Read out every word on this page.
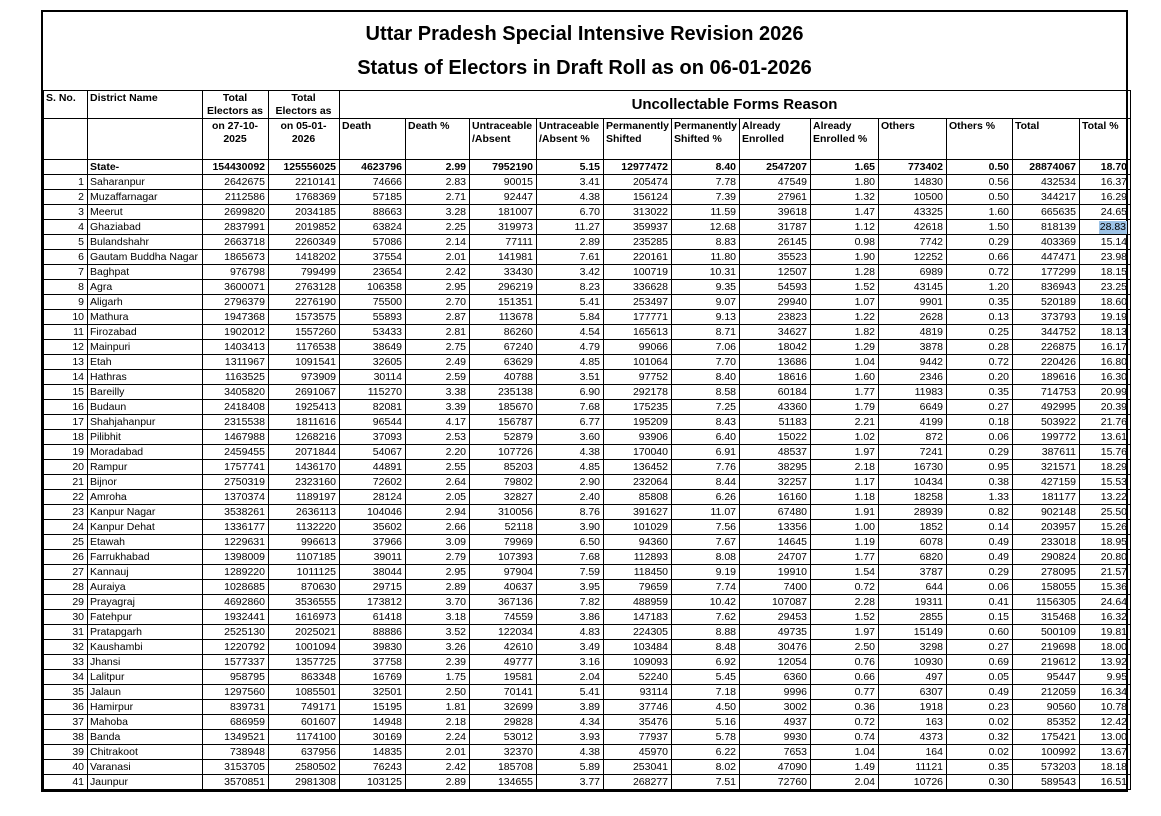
Uttar Pradesh Special Intensive Revision 2026
Status of Electors in Draft Roll as on 06-01-2026
S. No.	District Name	Total Electors as	Total Electors as	Uncollectable Forms Reason											
		on 27-10-2025	on 05-01-2026	Death	Death %	Untraceable /Absent	Untraceable /Absent %	Permanently Shifted	Permanently Shifted %	Already Enrolled	Already Enrolled %	Others	Others %	Total	Total %
	State-	154430092	125556025	4623796	2.99	7952190	5.15	12977472	8.40	2547207	1.65	773402	0.50	28874067	18.70
1	Saharanpur	2642675	2210141	74666	2.83	90015	3.41	205474	7.78	47549	1.80	14830	0.56	432534	16.37
2	Muzaffarnagar	2112586	1768369	57185	2.71	92447	4.38	156124	7.39	27961	1.32	10500	0.50	344217	16.29
3	Meerut	2699820	2034185	88663	3.28	181007	6.70	313022	11.59	39618	1.47	43325	1.60	665635	24.65
4	Ghaziabad	2837991	2019852	63824	2.25	319973	11.27	359937	12.68	31787	1.12	42618	1.50	818139	28.83
5	Bulandshahr	2663718	2260349	57086	2.14	77111	2.89	235285	8.83	26145	0.98	7742	0.29	403369	15.14
6	Gautam Buddha Nagar	1865673	1418202	37554	2.01	141981	7.61	220161	11.80	35523	1.90	12252	0.66	447471	23.98
7	Baghpat	976798	799499	23654	2.42	33430	3.42	100719	10.31	12507	1.28	6989	0.72	177299	18.15
8	Agra	3600071	2763128	106358	2.95	296219	8.23	336628	9.35	54593	1.52	43145	1.20	836943	23.25
9	Aligarh	2796379	2276190	75500	2.70	151351	5.41	253497	9.07	29940	1.07	9901	0.35	520189	18.60
10	Mathura	1947368	1573575	55893	2.87	113678	5.84	177771	9.13	23823	1.22	2628	0.13	373793	19.19
11	Firozabad	1902012	1557260	53433	2.81	86260	4.54	165613	8.71	34627	1.82	4819	0.25	344752	18.13
12	Mainpuri	1403413	1176538	38649	2.75	67240	4.79	99066	7.06	18042	1.29	3878	0.28	226875	16.17
13	Etah	1311967	1091541	32605	2.49	63629	4.85	101064	7.70	13686	1.04	9442	0.72	220426	16.80
14	Hathras	1163525	973909	30114	2.59	40788	3.51	97752	8.40	18616	1.60	2346	0.20	189616	16.30
15	Bareilly	3405820	2691067	115270	3.38	235138	6.90	292178	8.58	60184	1.77	11983	0.35	714753	20.99
16	Budaun	2418408	1925413	82081	3.39	185670	7.68	175235	7.25	43360	1.79	6649	0.27	492995	20.39
17	Shahjahanpur	2315538	1811616	96544	4.17	156787	6.77	195209	8.43	51183	2.21	4199	0.18	503922	21.76
18	Pilibhit	1467988	1268216	37093	2.53	52879	3.60	93906	6.40	15022	1.02	872	0.06	199772	13.61
19	Moradabad	2459455	2071844	54067	2.20	107726	4.38	170040	6.91	48537	1.97	7241	0.29	387611	15.76
20	Rampur	1757741	1436170	44891	2.55	85203	4.85	136452	7.76	38295	2.18	16730	0.95	321571	18.29
21	Bijnor	2750319	2323160	72602	2.64	79802	2.90	232064	8.44	32257	1.17	10434	0.38	427159	15.53
22	Amroha	1370374	1189197	28124	2.05	32827	2.40	85808	6.26	16160	1.18	18258	1.33	181177	13.22
23	Kanpur Nagar	3538261	2636113	104046	2.94	310056	8.76	391627	11.07	67480	1.91	28939	0.82	902148	25.50
24	Kanpur Dehat	1336177	1132220	35602	2.66	52118	3.90	101029	7.56	13356	1.00	1852	0.14	203957	15.26
25	Etawah	1229631	996613	37966	3.09	79969	6.50	94360	7.67	14645	1.19	6078	0.49	233018	18.95
26	Farrukhabad	1398009	1107185	39011	2.79	107393	7.68	112893	8.08	24707	1.77	6820	0.49	290824	20.80
27	Kannauj	1289220	1011125	38044	2.95	97904	7.59	118450	9.19	19910	1.54	3787	0.29	278095	21.57
28	Auraiya	1028685	870630	29715	2.89	40637	3.95	79659	7.74	7400	0.72	644	0.06	158055	15.36
29	Prayagraj	4692860	3536555	173812	3.70	367136	7.82	488959	10.42	107087	2.28	19311	0.41	1156305	24.64
30	Fatehpur	1932441	1616973	61418	3.18	74559	3.86	147183	7.62	29453	1.52	2855	0.15	315468	16.32
31	Pratapgarh	2525130	2025021	88886	3.52	122034	4.83	224305	8.88	49735	1.97	15149	0.60	500109	19.81
32	Kaushambi	1220792	1001094	39830	3.26	42610	3.49	103484	8.48	30476	2.50	3298	0.27	219698	18.00
33	Jhansi	1577337	1357725	37758	2.39	49777	3.16	109093	6.92	12054	0.76	10930	0.69	219612	13.92
34	Lalitpur	958795	863348	16769	1.75	19581	2.04	52240	5.45	6360	0.66	497	0.05	95447	9.95
35	Jalaun	1297560	1085501	32501	2.50	70141	5.41	93114	7.18	9996	0.77	6307	0.49	212059	16.34
36	Hamirpur	839731	749171	15195	1.81	32699	3.89	37746	4.50	3002	0.36	1918	0.23	90560	10.78
37	Mahoba	686959	601607	14948	2.18	29828	4.34	35476	5.16	4937	0.72	163	0.02	85352	12.42
38	Banda	1349521	1174100	30169	2.24	53012	3.93	77937	5.78	9930	0.74	4373	0.32	175421	13.00
39	Chitrakoot	738948	637956	14835	2.01	32370	4.38	45970	6.22	7653	1.04	164	0.02	100992	13.67
40	Varanasi	3153705	2580502	76243	2.42	185708	5.89	253041	8.02	47090	1.49	11121	0.35	573203	18.18
41	Jaunpur	3570851	2981308	103125	2.89	134655	3.77	268277	7.51	72760	2.04	10726	0.30	589543	16.51
